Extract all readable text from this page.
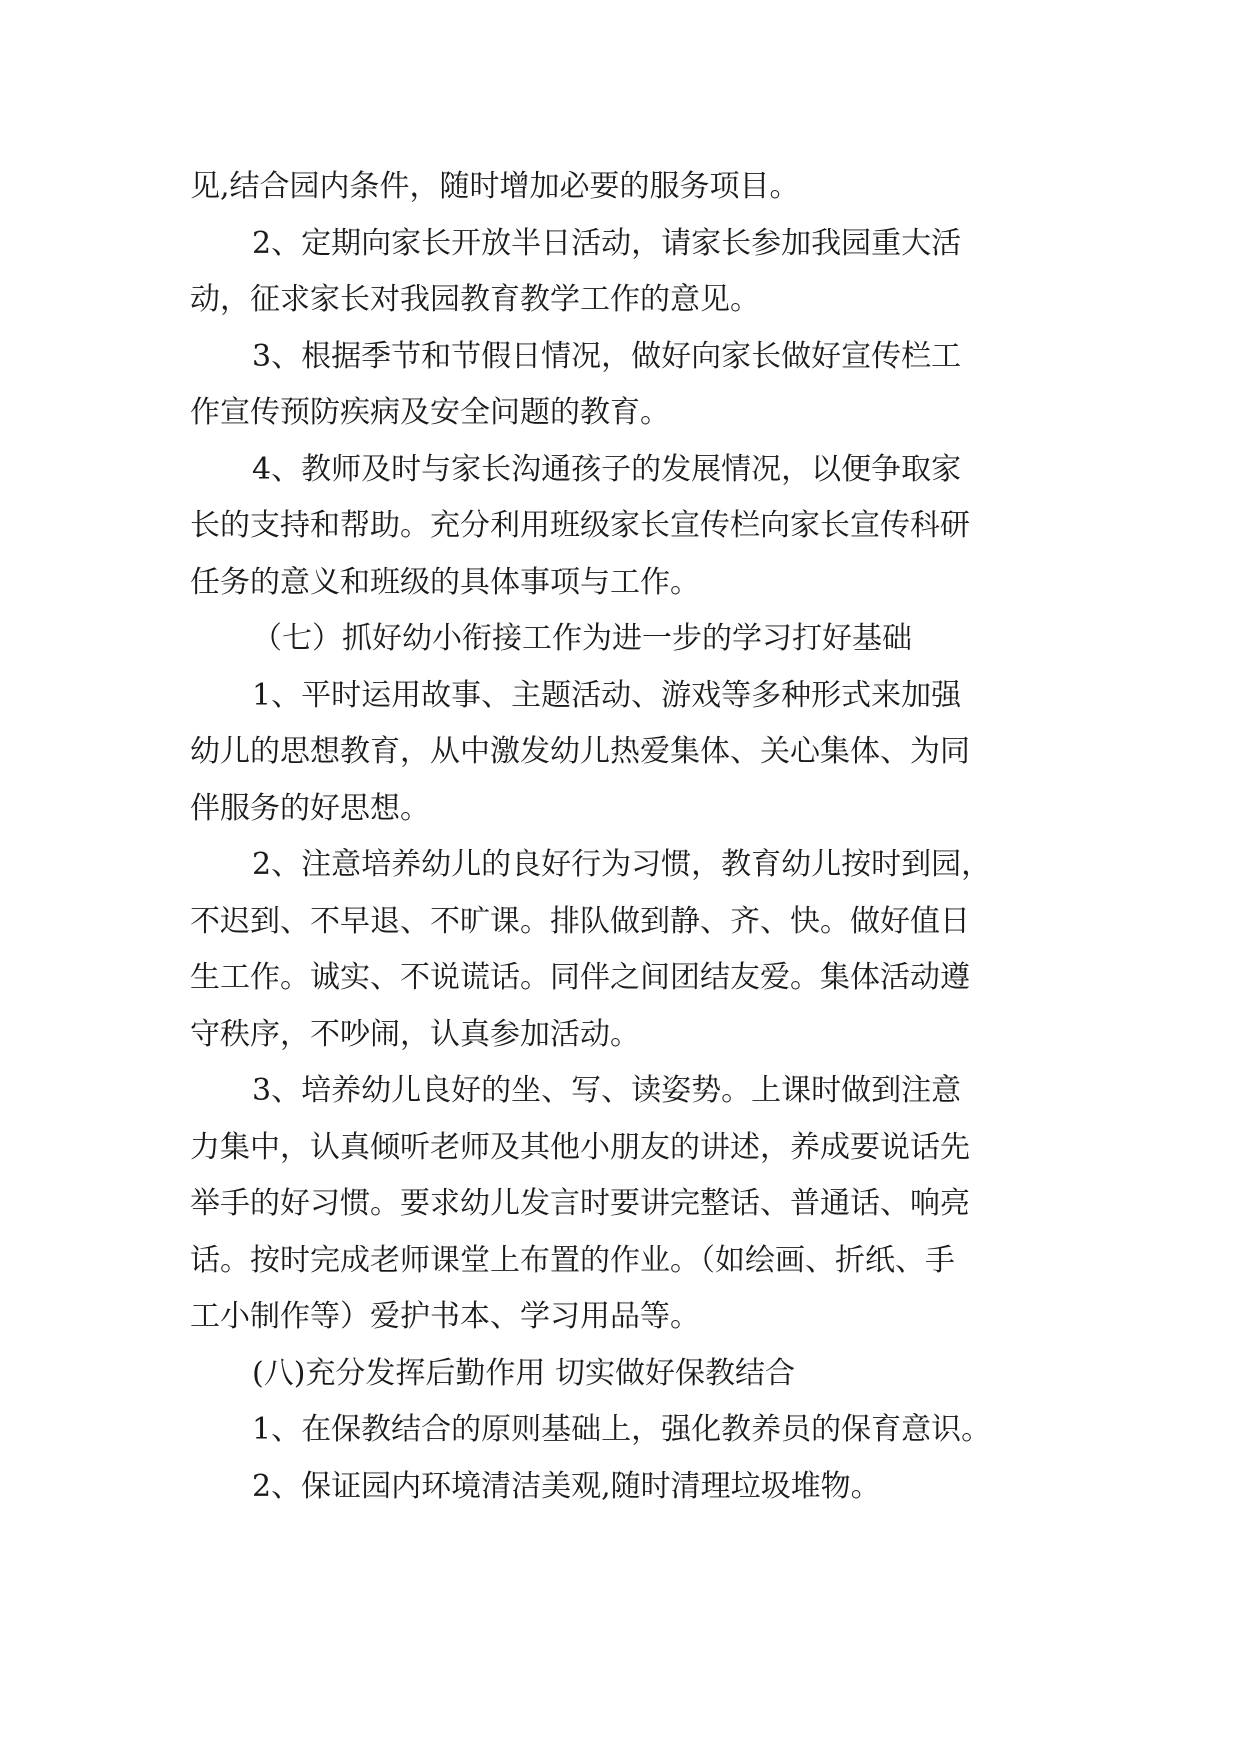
见,结合园内条件，随时增加必要的服务项目。
2、定期向家长开放半日活动，请家长参加我园重大活
动，征求家长对我园教育教学工作的意见。
3、根据季节和节假日情况，做好向家长做好宣传栏工
作宣传预防疾病及安全问题的教育。
4、教师及时与家长沟通孩子的发展情况，以便争取家
长的支持和帮助。充分利用班级家长宣传栏向家长宣传科研
任务的意义和班级的具体事项与工作。
（七）抓好幼小衔接工作为进一步的学习打好基础
1、平时运用故事、主题活动、游戏等多种形式来加强
幼儿的思想教育，从中激发幼儿热爱集体、关心集体、为同
伴服务的好思想。
2、注意培养幼儿的良好行为习惯，教育幼儿按时到园，
不迟到、不早退、不旷课。排队做到静、齐、快。做好值日
生工作。诚实、不说谎话。同伴之间团结友爱。集体活动遵
守秩序，不吵闹，认真参加活动。
3、培养幼儿良好的坐、写、读姿势。上课时做到注意
力集中，认真倾听老师及其他小朋友的讲述，养成要说话先
举手的好习惯。要求幼儿发言时要讲完整话、普通话、响亮
话。按时完成老师课堂上布置的作业。（如绘画、折纸、手
工小制作等）爱护书本、学习用品等。
(八)充分发挥后勤作用 切实做好保教结合
1、在保教结合的原则基础上，强化教养员的保育意识。
2、保证园内环境清洁美观,随时清理垃圾堆物。
